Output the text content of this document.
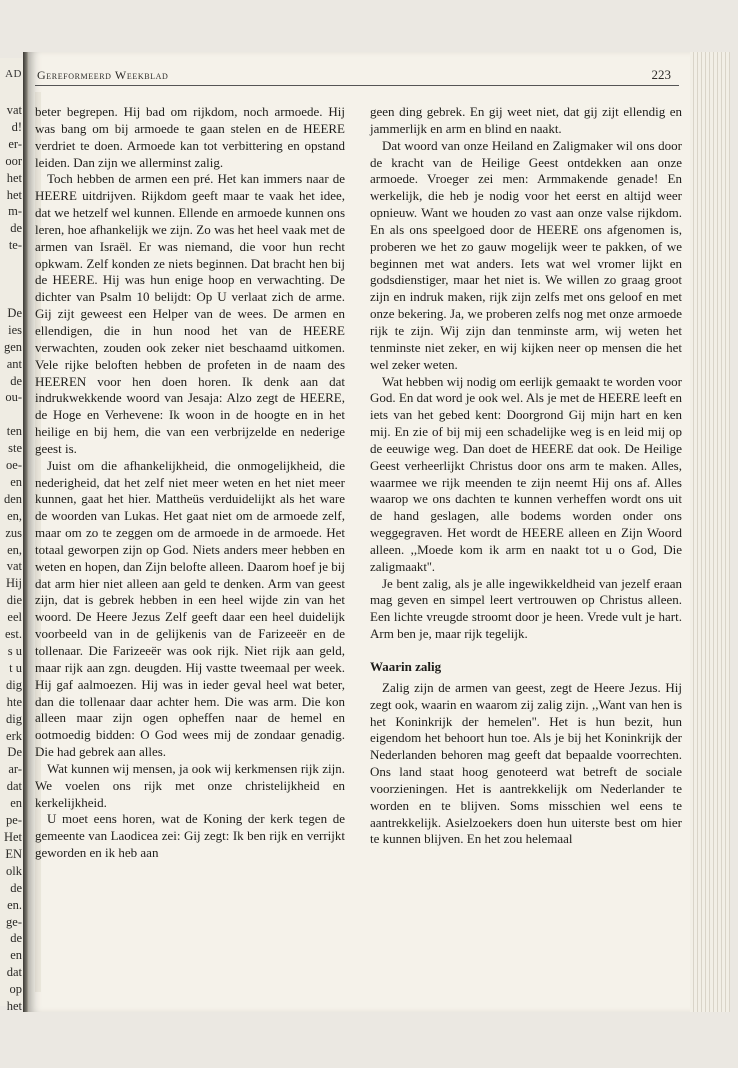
AD
vat
d!
er-
oor
het
het
m-
de
te-

De
ies
gen
ant
de
ou-

ten
ste
oe-
en
den
en,
zus
en,
vat
Hij
die
eel
est.
s u
t u
dig
hte
dig
erk
De
ar-
dat
en
pe-
Het
EN
olk
de
en.
ge-
de
en
dat
op
het
Gereformeerd Weekblad	223

beter begrepen. Hij bad om rijkdom, noch armoede. Hij was bang om bij armoede te gaan stelen en de HEERE verdriet te doen. Armoede kan tot verbittering en opstand leiden. Dan zijn we allerminst zalig.

Toch hebben de armen een pré. Het kan immers naar de HEERE uitdrijven. Rijkdom geeft maar te vaak het idee, dat we hetzelf wel kunnen. Ellende en armoede kunnen ons leren, hoe afhankelijk we zijn. Zo was het heel vaak met de armen van Israël. Er was niemand, die voor hun recht opkwam. Zelf konden ze niets beginnen. Dat bracht hen bij de HEERE. Hij was hun enige hoop en verwachting. De dichter van Psalm 10 belijdt: Op U verlaat zich de arme. Gij zijt geweest een Helper van de wees. De armen en ellendigen, die in hun nood het van de HEERE verwachten, zouden ook zeker niet beschaamd uitkomen. Vele rijke beloften hebben de profeten in de naam des HEEREN voor hen doen horen. Ik denk aan dat indrukwekkende woord van Jesaja: Alzo zegt de HEERE, de Hoge en Verhevene: Ik woon in de hoogte en in het heilige en bij hem, die van een verbrijzelde en nederige geest is.

Juist om die afhankelijkheid, die onmogelijkheid, die nederigheid, dat het zelf niet meer weten en het niet meer kunnen, gaat het hier. Mattheüs verduidelijkt als het ware de woorden van Lukas. Het gaat niet om de armoede zelf, maar om zo te zeggen om de armoede in de armoede. Het totaal geworpen zijn op God. Niets anders meer hebben en weten en hopen, dan Zijn belofte alleen. Daarom hoef je bij dat arm hier niet alleen aan geld te denken. Arm van geest zijn, dat is gebrek hebben in een heel wijde zin van het woord. De Heere Jezus Zelf geeft daar een heel duidelijk voorbeeld van in de gelijkenis van de Farizeeër en de tollenaar. Die Farizeeër was ook rijk. Niet rijk aan geld, maar rijk aan zgn. deugden. Hij vastte tweemaal per week. Hij gaf aalmoezen. Hij was in ieder geval heel wat beter, dan die tollenaar daar achter hem. Die was arm. Die kon alleen maar zijn ogen opheffen naar de hemel en ootmoedig bidden: O God wees mij de zondaar genadig. Die had gebrek aan alles.

Wat kunnen wij mensen, ja ook wij kerkmensen rijk zijn. We voelen ons rijk met onze christelijkheid en kerkelijkheid.

U moet eens horen, wat de Koning der kerk tegen de gemeente van Laodicea zei: Gij zegt: Ik ben rijk en verrijkt geworden en ik heb aan

geen ding gebrek. En gij weet niet, dat gij zijt ellendig en jammerlijk en arm en blind en naakt.

Dat woord van onze Heiland en Zaligmaker wil ons door de kracht van de Heilige Geest ontdekken aan onze armoede. Vroeger zei men: Armmakende genade! En werkelijk, die heb je nodig voor het eerst en altijd weer opnieuw. Want we houden zo vast aan onze valse rijkdom. En als ons speelgoed door de HEERE ons afgenomen is, proberen we het zo gauw mogelijk weer te pakken, of we beginnen met wat anders. Iets wat wel vromer lijkt en godsdienstiger, maar het niet is. We willen zo graag groot zijn en indruk maken, rijk zijn zelfs met ons geloof en met onze bekering. Ja, we proberen zelfs nog met onze armoede rijk te zijn. Wij zijn dan tenminste arm, wij weten het tenminste niet zeker, en wij kijken neer op mensen die het wel zeker weten.

Wat hebben wij nodig om eerlijk gemaakt te worden voor God. En dat word je ook wel. Als je met de HEERE leeft en iets van het gebed kent: Doorgrond Gij mijn hart en ken mij. En zie of bij mij een schadelijke weg is en leid mij op de eeuwige weg. Dan doet de HEERE dat ook. De Heilige Geest verheerlijkt Christus door ons arm te maken. Alles, waarmee we rijk meenden te zijn neemt Hij ons af. Alles waarop we ons dachten te kunnen verheffen wordt ons uit de hand geslagen, alle bodems worden onder ons weggegraven. Het wordt de HEERE alleen en Zijn Woord alleen. ,,Moede kom ik arm en naakt tot u o God, Die zaligmaakt''.

Je bent zalig, als je alle ingewikkeldheid van jezelf eraan mag geven en simpel leert vertrouwen op Christus alleen. Een lichte vreugde stroomt door je heen. Vrede vult je hart. Arm ben je, maar rijk tegelijk.

Waarin zalig

Zalig zijn de armen van geest, zegt de Heere Jezus. Hij zegt ook, waarin en waarom zij zalig zijn. ,,Want van hen is het Koninkrijk der hemelen''. Het is hun bezit, hun eigendom het behoort hun toe. Als je bij het Koninkrijk der Nederlanden behoren mag geeft dat bepaalde voorrechten. Ons land staat hoog genoteerd wat betreft de sociale voorzieningen. Het is aantrekkelijk om Nederlander te worden en te blijven. Soms misschien wel eens te aantrekkelijk. Asielzoekers doen hun uiterste best om hier te kunnen blijven. En het zou helemaal
